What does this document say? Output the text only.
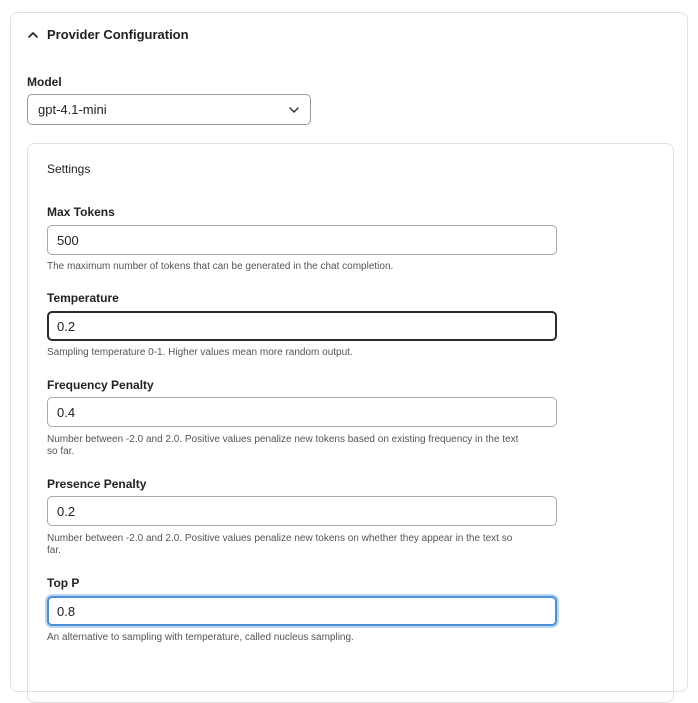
Provider Configuration
Model
gpt-4.1-mini
Settings
Max Tokens
500
The maximum number of tokens that can be generated in the chat completion.
Temperature
0.2
Sampling temperature 0-1. Higher values mean more random output.
Frequency Penalty
0.4
Number between -2.0 and 2.0. Positive values penalize new tokens based on existing frequency in the text so far.
Presence Penalty
0.2
Number between -2.0 and 2.0. Positive values penalize new tokens on whether they appear in the text so far.
Top P
0.8
An alternative to sampling with temperature, called nucleus sampling.
